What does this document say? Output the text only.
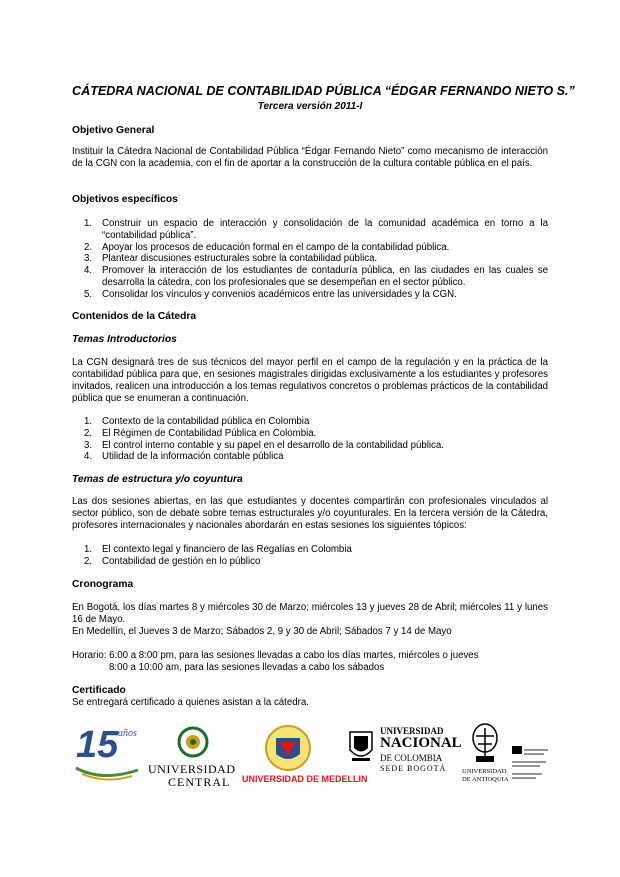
CÁTEDRA NACIONAL DE CONTABILIDAD PÚBLICA “ÉDGAR FERNANDO NIETO S.”
Tercera versión 2011-I
Objetivo General

Instituir la Cátedra Nacional de Contabilidad Pública “Édgar Fernando Nieto” como mecanismo de interacción de la CGN con la academia, con el fin de aportar a la construcción de la cultura contable pública en el país.

Objetivos específicos
1. Construir un espacio de interacción y consolidación de la comunidad académica en torno a la “contabilidad pública”.
2. Apoyar los procesos de educación formal en el campo de la contabilidad pública.
3. Plantear discusiones estructurales sobre la contabilidad pública.
4. Promover la interacción de los estudiantes de contaduría pública, en las ciudades en las cuales se desarrolla la cátedra, con los profesionales que se desempeñan en el sector público.
5. Consolidar los vínculos y convenios académicos entre las universidades y la CGN.
Contenidos de la Cátedra
Temas Introductorios

La CGN designará tres de sus técnicos del mayor perfil en el campo de la regulación y en la práctica de la contabilidad pública para que, en sesiones magistrales dirigidas exclusivamente a los estudiantes y profesores invitados, realicen una introducción a los temas regulativos concretos o problemas prácticos de la contabilidad pública que se enumeran a continuación.

1. Contexto de la contabilidad pública en Colombia
2. El Régimen de Contabilidad Pública en Colombia.
3. El control interno contable y su papel en el desarrollo de la contabilidad pública.
4. Utilidad de la información contable pública
Temas de estructura y/o coyuntura

Las dos sesiones abiertas, en las que estudiantes y docentes compartirán con profesionales vinculados al sector público, son de debate sobre temas estructurales y/o coyunturales. En la tercera versión de la Cátedra, profesores internacionales y nacionales abordarán en estas sesiones los siguientes tópicos:

1. El contexto legal y financiero de las Regalías en Colombia
2. Contabilidad de gestión en lo público
Cronograma

En Bogotá, los días martes 8 y miércoles 30 de Marzo; miércoles 13 y jueves 28 de Abril; miércoles 11 y lunes 16 de Mayo.

En Medellín, el Jueves 3 de Marzo; Sábados 2, 9 y 30 de Abril; Sábados 7 y 14 de Mayo
Horario: 6:00 a 8:00 pm, para las sesiones llevadas a cabo los días martes, miércoles o jueves
8:00 a 10:00 am, para las sesiones llevadas a cabo los sábados
Certificado
Se entregará certificado a quienes asistan a la cátedra.
15 años
UNIVERSIDAD
CENTRAL UNIVERSIDAD DE MEDELLIN
UNIVERSIDAD
NACIONAL
DE COLOMBIA
SEDE BOGOTÁ UNIVERSIDAD
DE ANTIOQUIA
